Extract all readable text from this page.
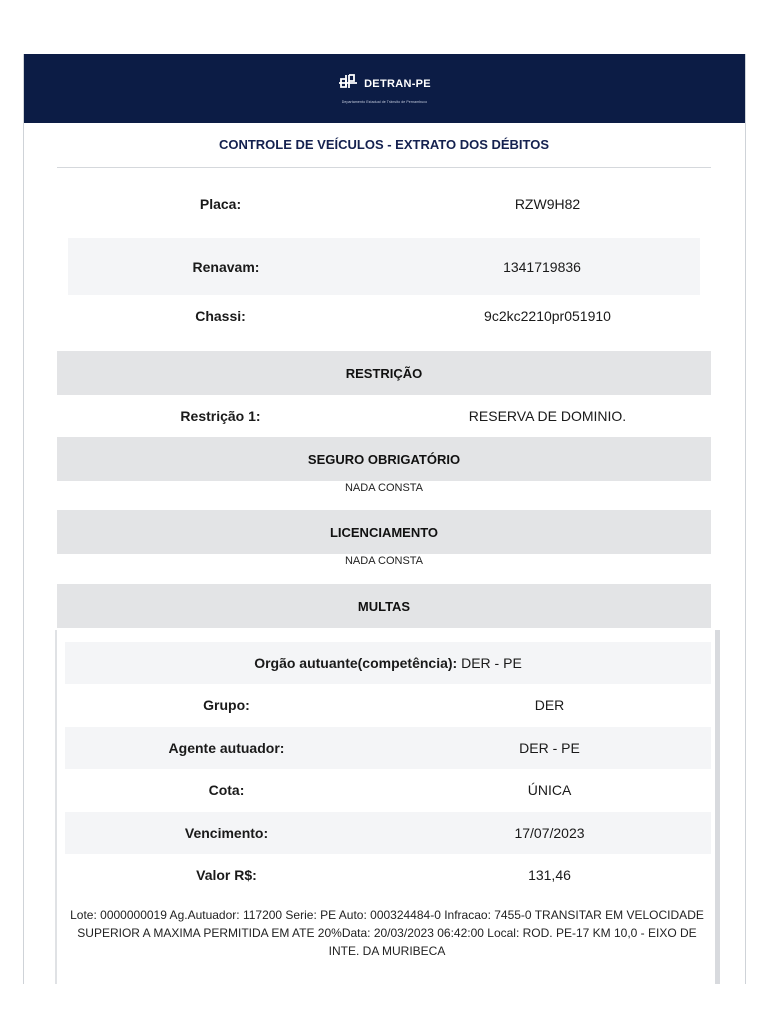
DETRAN-PE
Departamento Estadual de Trânsito de Pernambuco
CONTROLE DE VEÍCULOS - EXTRATO DOS DÉBITOS
Placa:	RZW9H82
Renavam:	1341719836
Chassi:	9c2kc2210pr051910
RESTRIÇÃO
Restrição 1:	RESERVA DE DOMINIO.
SEGURO OBRIGATÓRIO
NADA CONSTA
LICENCIAMENTO
NADA CONSTA
MULTAS
Orgão autuante(competência):
DER - PE
Grupo:	DER
Agente autuador:	DER - PE
Cota:	ÚNICA
Vencimento:	17/07/2023
Valor R$:	131,46
Lote: 0000000019 Ag.Autuador: 117200 Serie: PE Auto: 000324484-0 Infracao: 7455-0 TRANSITAR EM VELOCIDADE SUPERIOR A MAXIMA PERMITIDA EM ATE 20%Data: 20/03/2023 06:42:00 Local: ROD. PE-17 KM 10,0 - EIXO DE INTE. DA MURIBECA
